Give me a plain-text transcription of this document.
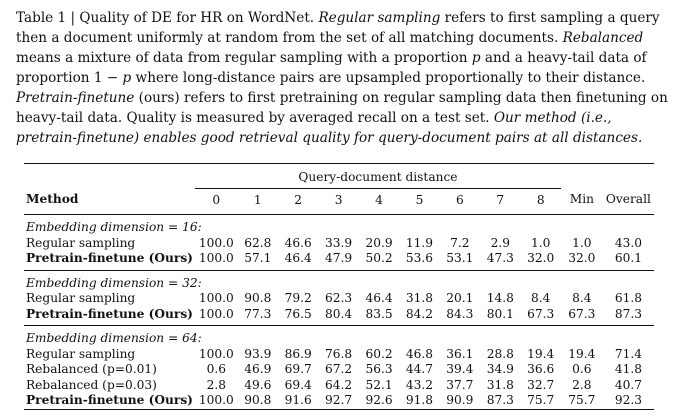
Table 1 | Quality of DE for HR on WordNet. Regular sampling refers to first sampling a query then a document uniformly at random from the set of all matching documents. Rebalanced means a mixture of data from regular sampling with a proportion p and a heavy-tail data of proportion 1 − p where long-distance pairs are upsampled proportionally to their distance. Pretrain-finetune (ours) refers to first pretraining on regular sampling data then finetuning on heavy-tail data. Quality is measured by averaged recall on a test set. Our method (i.e., pretrain-finetune) enables good retrieval quality for query-document pairs at all distances.

	Query-document distance										
Method	0	1	2	3	4	5	6	7	8	Min	Overall
Embedding dimension = 16:											
Regular sampling	100.0	62.8	46.6	33.9	20.9	11.9	7.2	2.9	1.0	1.0	43.0
Pretrain-finetune (Ours)	100.0	57.1	46.4	47.9	50.2	53.6	53.1	47.3	32.0	32.0	60.1
Embedding dimension = 32:											
Regular sampling	100.0	90.8	79.2	62.3	46.4	31.8	20.1	14.8	8.4	8.4	61.8
Pretrain-finetune (Ours)	100.0	77.3	76.5	80.4	83.5	84.2	84.3	80.1	67.3	67.3	87.3
Embedding dimension = 64:											
Regular sampling	100.0	93.9	86.9	76.8	60.2	46.8	36.1	28.8	19.4	19.4	71.4
Rebalanced (p=0.01)	0.6	46.9	69.7	67.2	56.3	44.7	39.4	34.9	36.6	0.6	41.8
Rebalanced (p=0.03)	2.8	49.6	69.4	64.2	52.1	43.2	37.7	31.8	32.7	2.8	40.7
Pretrain-finetune (Ours)	100.0	90.8	91.6	92.7	92.6	91.8	90.9	87.3	75.7	75.7	92.3
